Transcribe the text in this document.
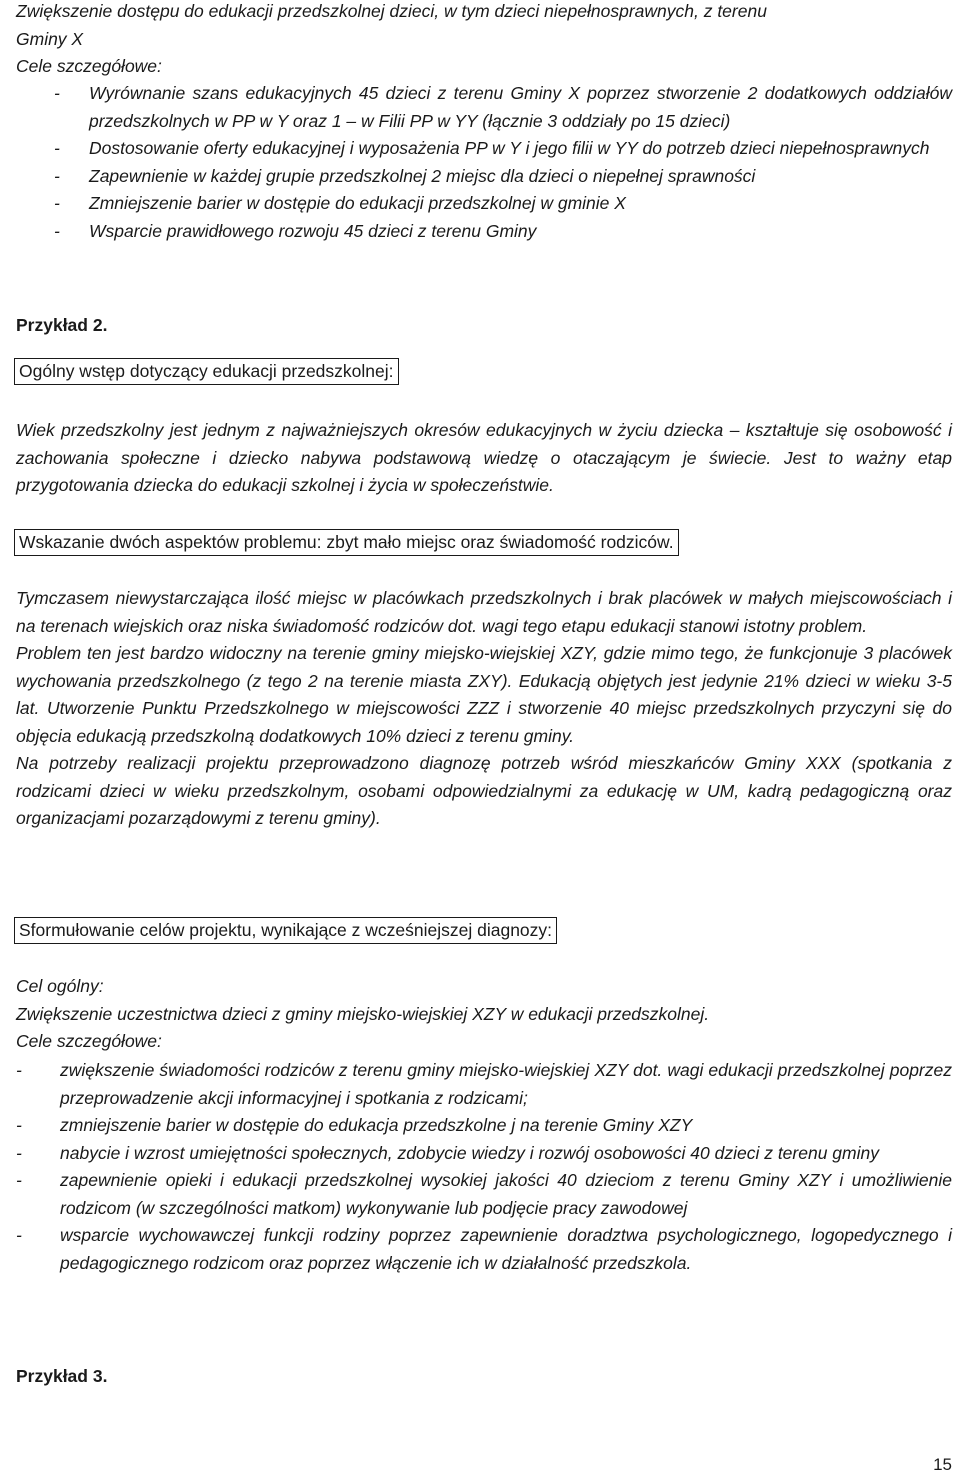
Zwiększenie dostępu do edukacji przedszkolnej dzieci, w tym dzieci niepełnosprawnych, z terenu
Gminy X
Cele szczegółowe:
- Wyrównanie szans edukacyjnych 45 dzieci z terenu Gminy X poprzez stworzenie 2 dodatkowych oddziałów przedszkolnych w PP w Y oraz 1 – w Filii PP w YY (łącznie 3 oddziały po 15 dzieci)
- Dostosowanie oferty edukacyjnej i wyposażenia PP w Y i jego filii w YY do potrzeb dzieci niepełnosprawnych
- Zapewnienie w każdej grupie przedszkolnej 2 miejsc dla dzieci o niepełnej sprawności
- Zmniejszenie barier w dostępie do edukacji przedszkolnej w gminie X
- Wsparcie prawidłowego rozwoju 45 dzieci z terenu Gminy
Przykład 2.
Ogólny wstęp dotyczący edukacji przedszkolnej:
Wiek przedszkolny jest jednym z najważniejszych okresów edukacyjnych w życiu dziecka – kształtuje się osobowość i zachowania społeczne i dziecko nabywa podstawową wiedzę o otaczającym je świecie. Jest to ważny etap przygotowania dziecka do edukacji szkolnej i życia w społeczeństwie.
Wskazanie dwóch aspektów problemu: zbyt mało miejsc oraz świadomość rodziców.
Tymczasem niewystarczająca ilość miejsc w placówkach przedszkolnych i brak placówek w małych miejscowościach i na terenach wiejskich oraz niska świadomość rodziców dot. wagi tego etapu edukacji stanowi istotny problem.
Problem ten jest bardzo widoczny na terenie gminy miejsko-wiejskiej XZY, gdzie mimo tego, że funkcjonuje 3 placówek wychowania przedszkolnego (z tego 2 na terenie miasta ZXY). Edukacją objętych jest jedynie 21% dzieci w wieku 3-5 lat. Utworzenie Punktu Przedszkolnego w miejscowości ZZZ i stworzenie 40 miejsc przedszkolnych przyczyni się do objęcia edukacją przedszkolną dodatkowych 10% dzieci z terenu gminy.
Na potrzeby realizacji projektu przeprowadzono diagnozę potrzeb wśród mieszkańców Gminy XXX (spotkania z rodzicami dzieci w wieku przedszkolnym, osobami odpowiedzialnymi za edukację w UM, kadrą pedagogiczną oraz organizacjami pozarządowymi z terenu gminy).
Sformułowanie celów projektu, wynikające z wcześniejszej diagnozy:
Cel ogólny:
Zwiększenie uczestnictwa dzieci z gminy miejsko-wiejskiej XZY w edukacji przedszkolnej.
Cele szczegółowe:
- zwiększenie świadomości rodziców z terenu gminy miejsko-wiejskiej XZY dot. wagi edukacji przedszkolnej poprzez przeprowadzenie akcji informacyjnej i spotkania z rodzicami;
- zmniejszenie barier w dostępie do edukacja przedszkolne j na terenie Gminy XZY
- nabycie i wzrost umiejętności społecznych, zdobycie wiedzy i rozwój osobowości 40 dzieci z terenu gminy
- zapewnienie opieki i edukacji przedszkolnej wysokiej jakości 40 dzieciom z terenu Gminy XZY i umożliwienie rodzicom (w szczególności matkom) wykonywanie lub podjęcie pracy zawodowej
- wsparcie wychowawczej funkcji rodziny poprzez zapewnienie doradztwa psychologicznego, logopedycznego i pedagogicznego rodzicom oraz poprzez włączenie ich w działalność przedszkola.
Przykład 3.
15
